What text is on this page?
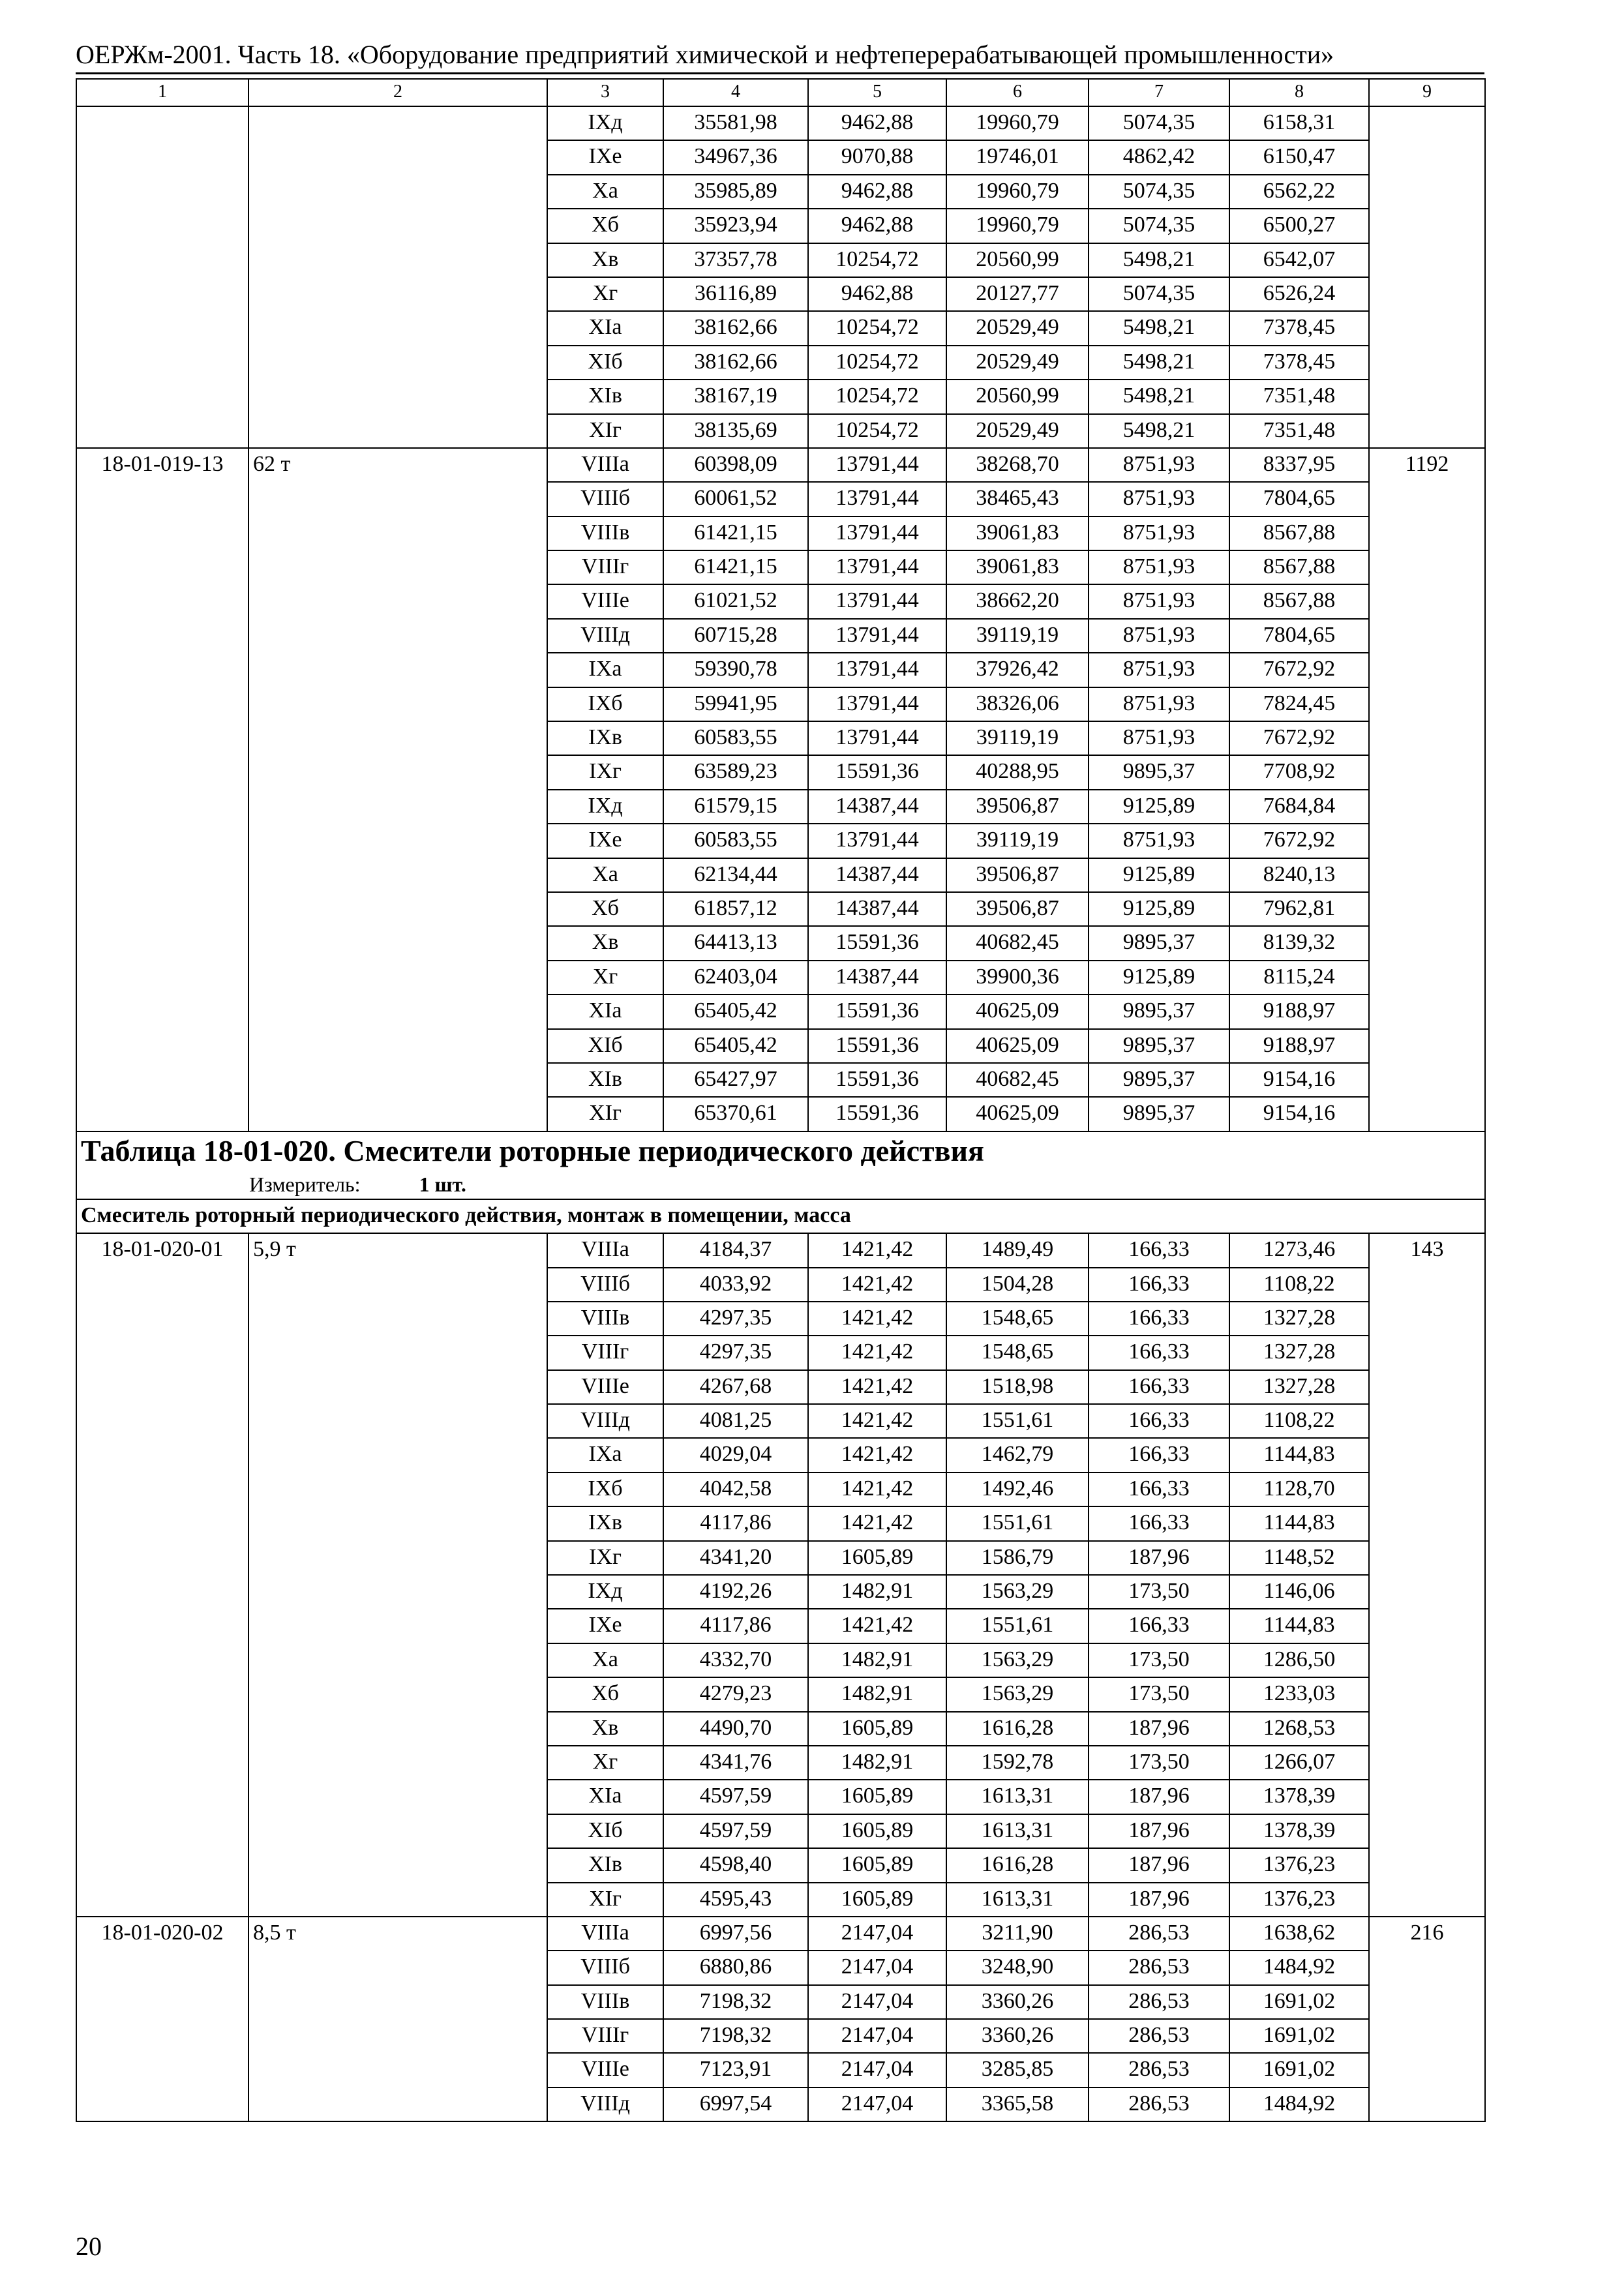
ОЕРЖм-2001. Часть 18. «Оборудование предприятий химической и нефтеперерабатывающей промышленности»
1	2	3	4	5	6	7	8	9
		IXд	35581,98	9462,88	19960,79	5074,35	6158,31	
		IXе	34967,36	9070,88	19746,01	4862,42	6150,47	
		Xа	35985,89	9462,88	19960,79	5074,35	6562,22	
		Xб	35923,94	9462,88	19960,79	5074,35	6500,27	
		Xв	37357,78	10254,72	20560,99	5498,21	6542,07	
		Xг	36116,89	9462,88	20127,77	5074,35	6526,24	
		XIа	38162,66	10254,72	20529,49	5498,21	7378,45	
		XIб	38162,66	10254,72	20529,49	5498,21	7378,45	
		XIв	38167,19	10254,72	20560,99	5498,21	7351,48	
		XIг	38135,69	10254,72	20529,49	5498,21	7351,48	
18-01-019-13	62 т	VIIIа	60398,09	13791,44	38268,70	8751,93	8337,95	1192
		VIIIб	60061,52	13791,44	38465,43	8751,93	7804,65	
		VIIIв	61421,15	13791,44	39061,83	8751,93	8567,88	
		VIIIг	61421,15	13791,44	39061,83	8751,93	8567,88	
		VIIIе	61021,52	13791,44	38662,20	8751,93	8567,88	
		VIIIд	60715,28	13791,44	39119,19	8751,93	7804,65	
		IXа	59390,78	13791,44	37926,42	8751,93	7672,92	
		IXб	59941,95	13791,44	38326,06	8751,93	7824,45	
		IXв	60583,55	13791,44	39119,19	8751,93	7672,92	
		IXг	63589,23	15591,36	40288,95	9895,37	7708,92	
		IXд	61579,15	14387,44	39506,87	9125,89	7684,84	
		IXе	60583,55	13791,44	39119,19	8751,93	7672,92	
		Xа	62134,44	14387,44	39506,87	9125,89	8240,13	
		Xб	61857,12	14387,44	39506,87	9125,89	7962,81	
		Xв	64413,13	15591,36	40682,45	9895,37	8139,32	
		Xг	62403,04	14387,44	39900,36	9125,89	8115,24	
		XIа	65405,42	15591,36	40625,09	9895,37	9188,97	
		XIб	65405,42	15591,36	40625,09	9895,37	9188,97	
		XIв	65427,97	15591,36	40682,45	9895,37	9154,16	
		XIг	65370,61	15591,36	40625,09	9895,37	9154,16	

Таблица 18-01-020. Смесители роторные периодического действия
Измеритель: 1 шт.								

Смеситель роторный периодического действия, монтаж в помещении, масса								
18-01-020-01	5,9 т	VIIIа	4184,37	1421,42	1489,49	166,33	1273,46	143
		VIIIб	4033,92	1421,42	1504,28	166,33	1108,22	
		VIIIв	4297,35	1421,42	1548,65	166,33	1327,28	
		VIIIг	4297,35	1421,42	1548,65	166,33	1327,28	
		VIIIе	4267,68	1421,42	1518,98	166,33	1327,28	
		VIIIд	4081,25	1421,42	1551,61	166,33	1108,22	
		IXа	4029,04	1421,42	1462,79	166,33	1144,83	
		IXб	4042,58	1421,42	1492,46	166,33	1128,70	
		IXв	4117,86	1421,42	1551,61	166,33	1144,83	
		IXг	4341,20	1605,89	1586,79	187,96	1148,52	
		IXд	4192,26	1482,91	1563,29	173,50	1146,06	
		IXе	4117,86	1421,42	1551,61	166,33	1144,83	
		Xа	4332,70	1482,91	1563,29	173,50	1286,50	
		Xб	4279,23	1482,91	1563,29	173,50	1233,03	
		Xв	4490,70	1605,89	1616,28	187,96	1268,53	
		Xг	4341,76	1482,91	1592,78	173,50	1266,07	
		XIа	4597,59	1605,89	1613,31	187,96	1378,39	
		XIб	4597,59	1605,89	1613,31	187,96	1378,39	
		XIв	4598,40	1605,89	1616,28	187,96	1376,23	
		XIг	4595,43	1605,89	1613,31	187,96	1376,23	
18-01-020-02	8,5 т	VIIIа	6997,56	2147,04	3211,90	286,53	1638,62	216
		VIIIб	6880,86	2147,04	3248,90	286,53	1484,92	
		VIIIв	7198,32	2147,04	3360,26	286,53	1691,02	
		VIIIг	7198,32	2147,04	3360,26	286,53	1691,02	
		VIIIе	7123,91	2147,04	3285,85	286,53	1691,02	
		VIIIд	6997,54	2147,04	3365,58	286,53	1484,92	
20
